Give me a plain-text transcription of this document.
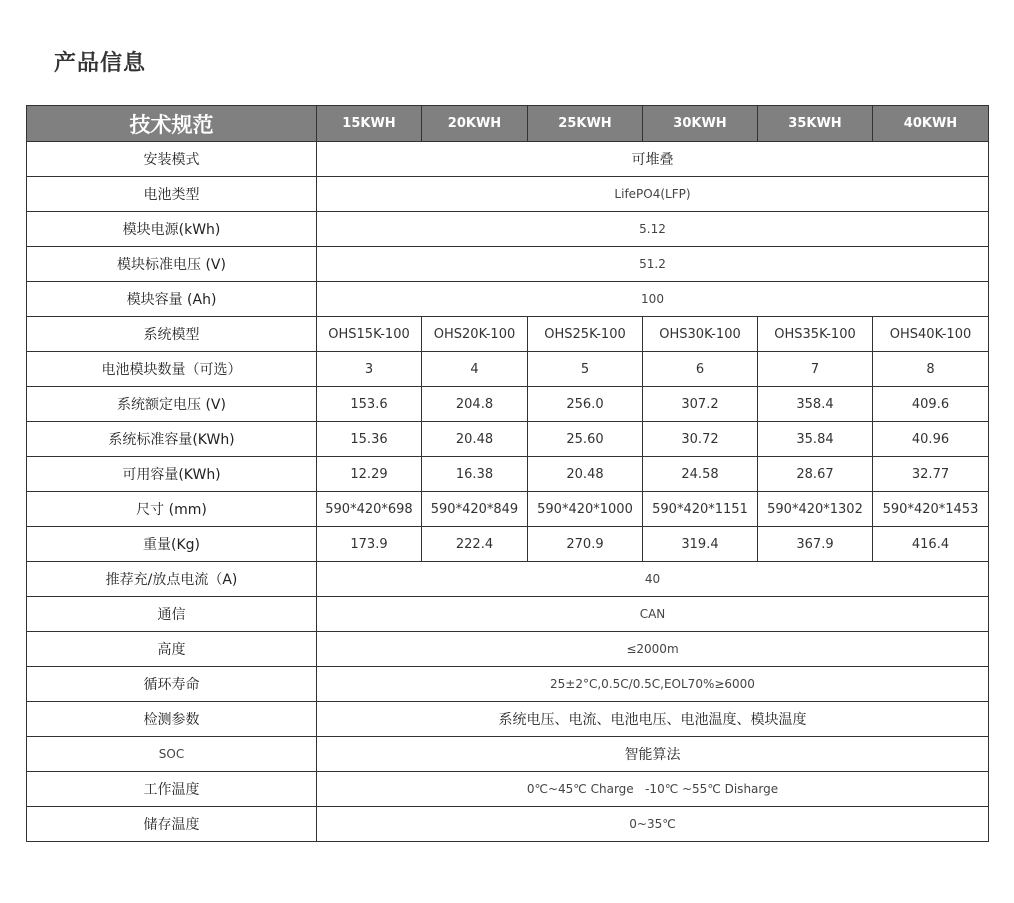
产品信息
技术规范	15KWH	20KWH	25KWH	30KWH	35KWH	40KWH
安装模式	可堆叠					
电池类型	LifePO4(LFP)					
模块电源(kWh)	5.12					
模块标准电压 (V)	51.2					
模块容量 (Ah)	100					
系统模型	OHS15K-100	OHS20K-100	OHS25K-100	OHS30K-100	OHS35K-100	OHS40K-100
电池模块数量（可选）	3	4	5	6	7	8
系统额定电压 (V)	153.6	204.8	256.0	307.2	358.4	409.6
系统标准容量(KWh)	15.36	20.48	25.60	30.72	35.84	40.96
可用容量(KWh)	12.29	16.38	20.48	24.58	28.67	32.77
尺寸 (mm)	590*420*698	590*420*849	590*420*1000	590*420*1151	590*420*1302	590*420*1453
重量(Kg)	173.9	222.4	270.9	319.4	367.9	416.4
推荐充/放点电流（A)	40					
通信	CAN					
高度	≤2000m					
循环寿命	25±2°C,0.5C/0.5C,EOL70%≥6000					
检测参数	系统电压、电流、电池电压、电池温度、模块温度					
SOC	智能算法					
工作温度	0℃~45℃ Charge   -10℃ ~55℃ Disharge					
储存温度	0~35℃					
